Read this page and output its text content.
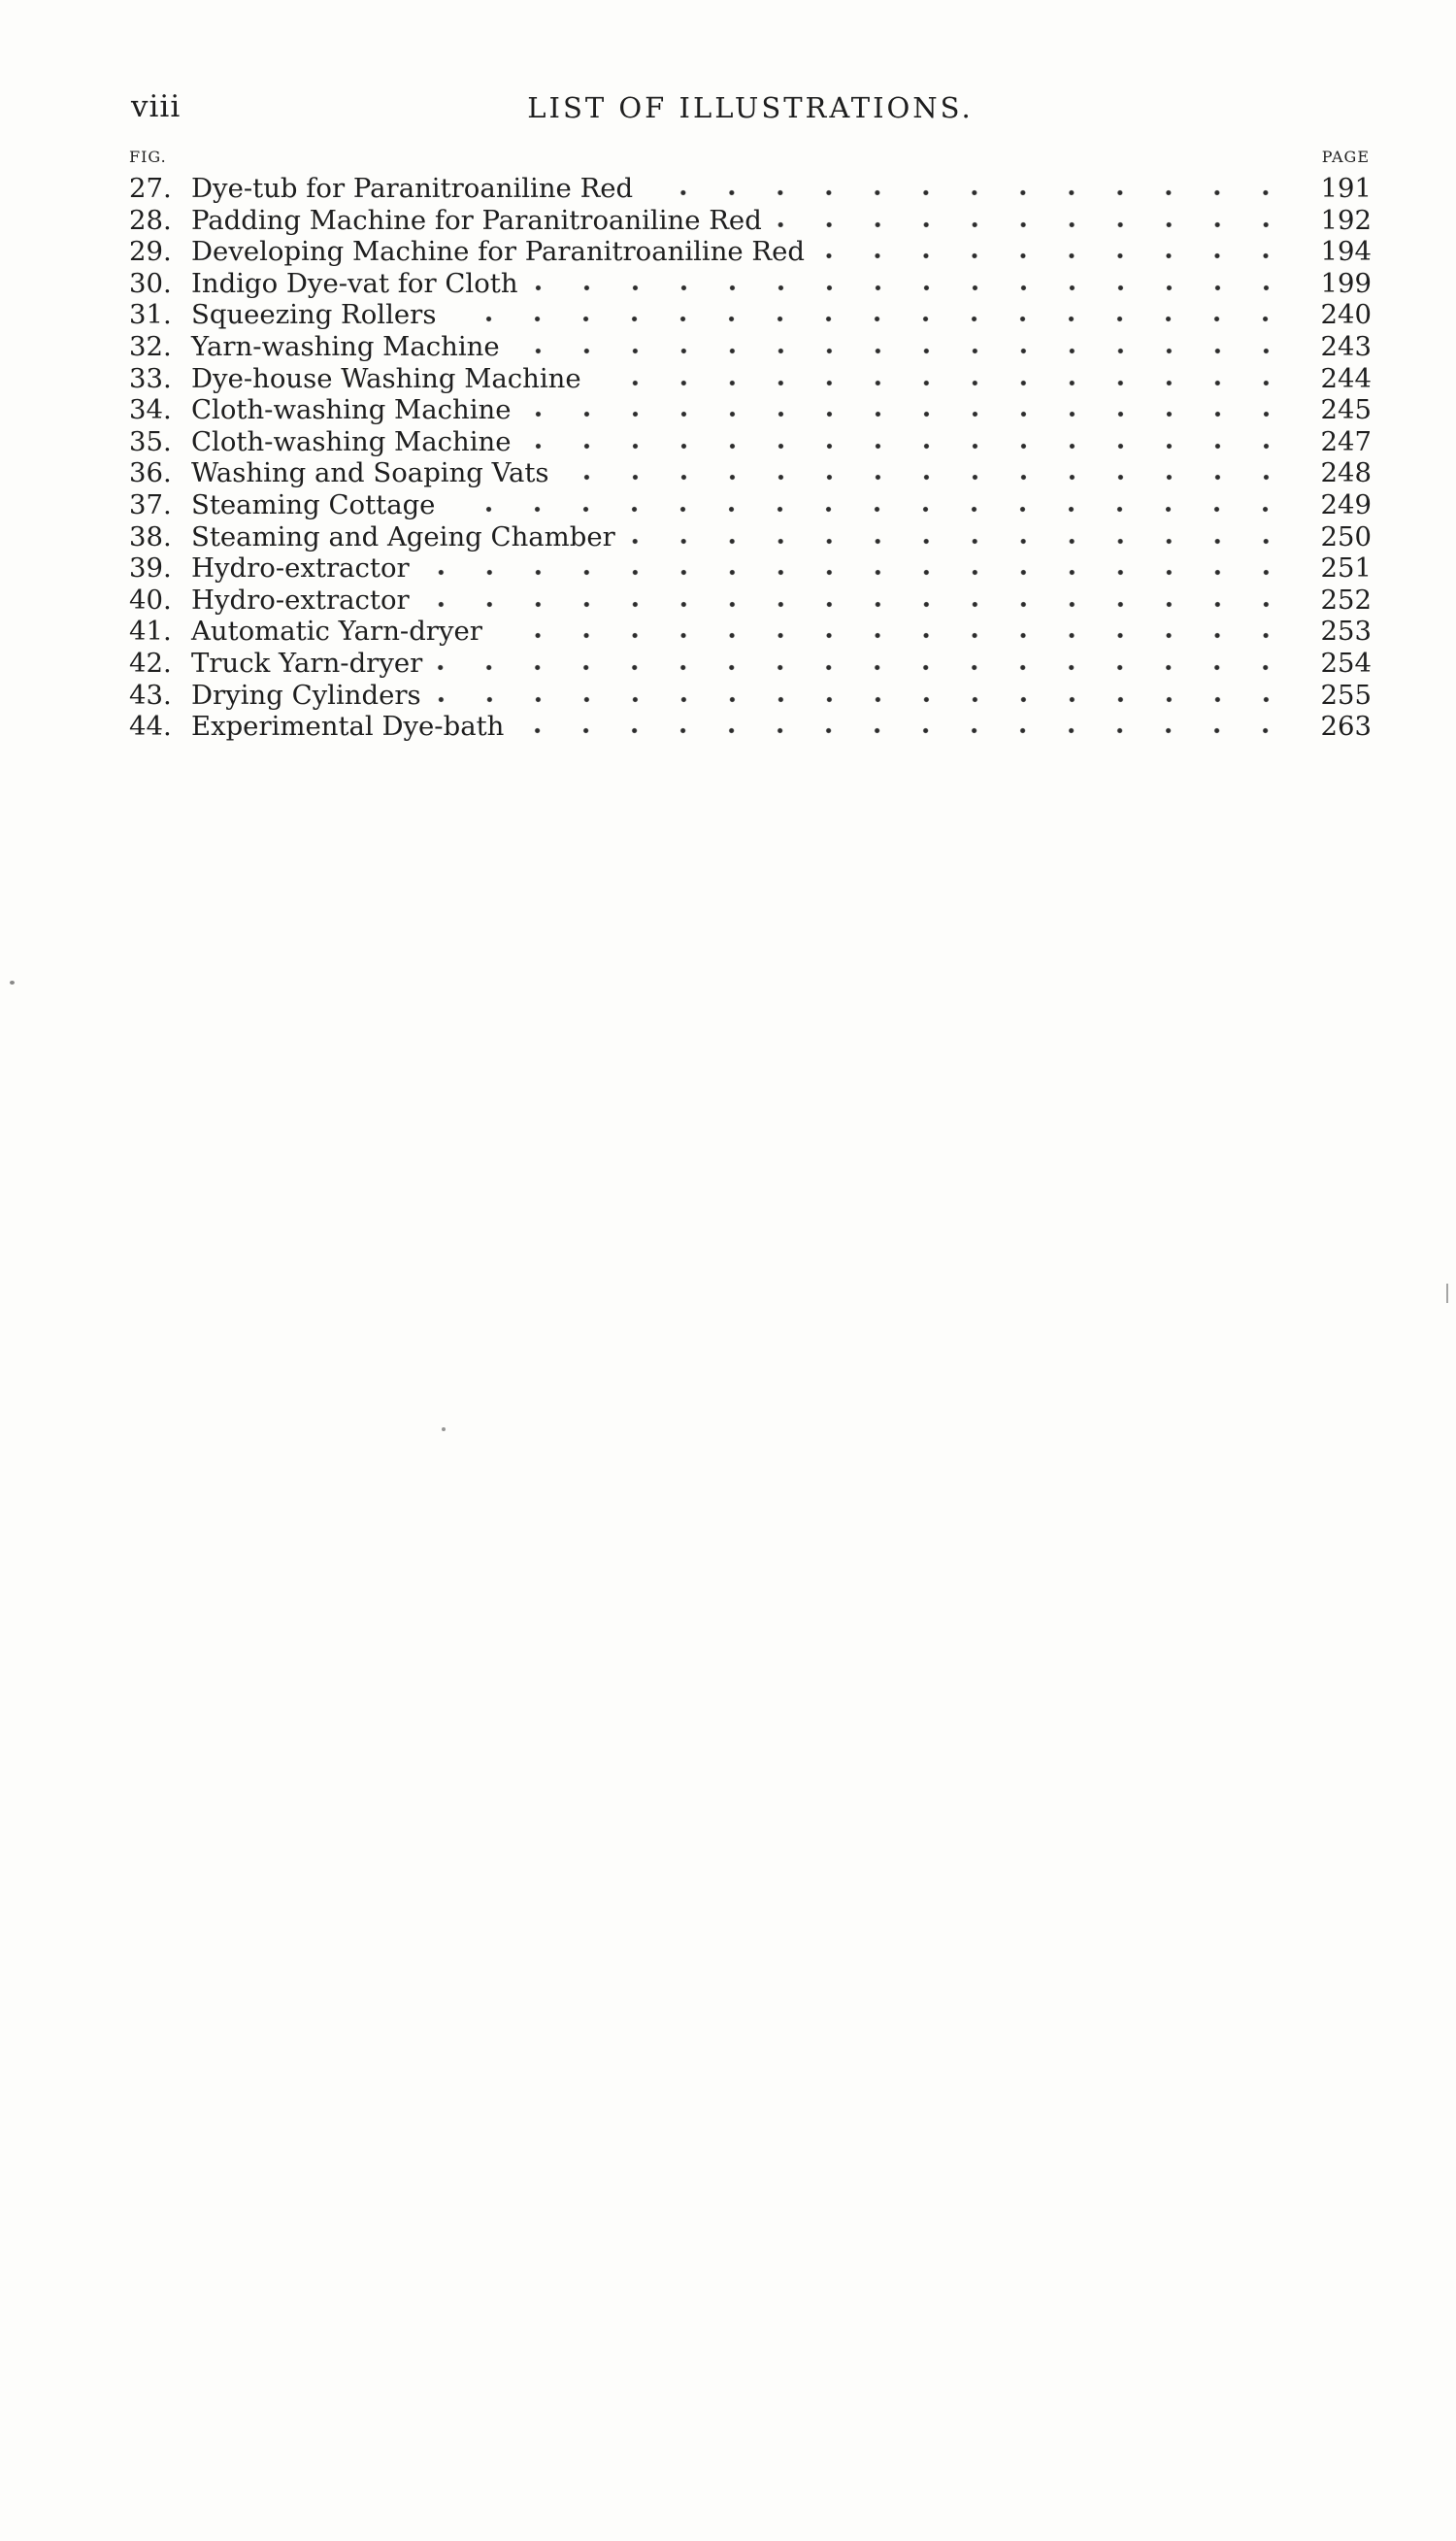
viii	LIST OF ILLUSTRATIONS.
FIG.	PAGE
27. Dye-tub for Paranitroaniline Red	191
28. Padding Machine for Paranitroaniline Red	192
29. Developing Machine for Paranitroaniline Red	194
30. Indigo Dye-vat for Cloth	199
31. Squeezing Rollers	240
32. Yarn-washing Machine	243
33. Dye-house Washing Machine	244
34. Cloth-washing Machine	245
35. Cloth-washing Machine	247
36. Washing and Soaping Vats	248
37. Steaming Cottage	249
38. Steaming and Ageing Chamber	250
39. Hydro-extractor	251
40. Hydro-extractor	252
41. Automatic Yarn-dryer	253
42. Truck Yarn-dryer	254
43. Drying Cylinders	255
44. Experimental Dye-bath	263
